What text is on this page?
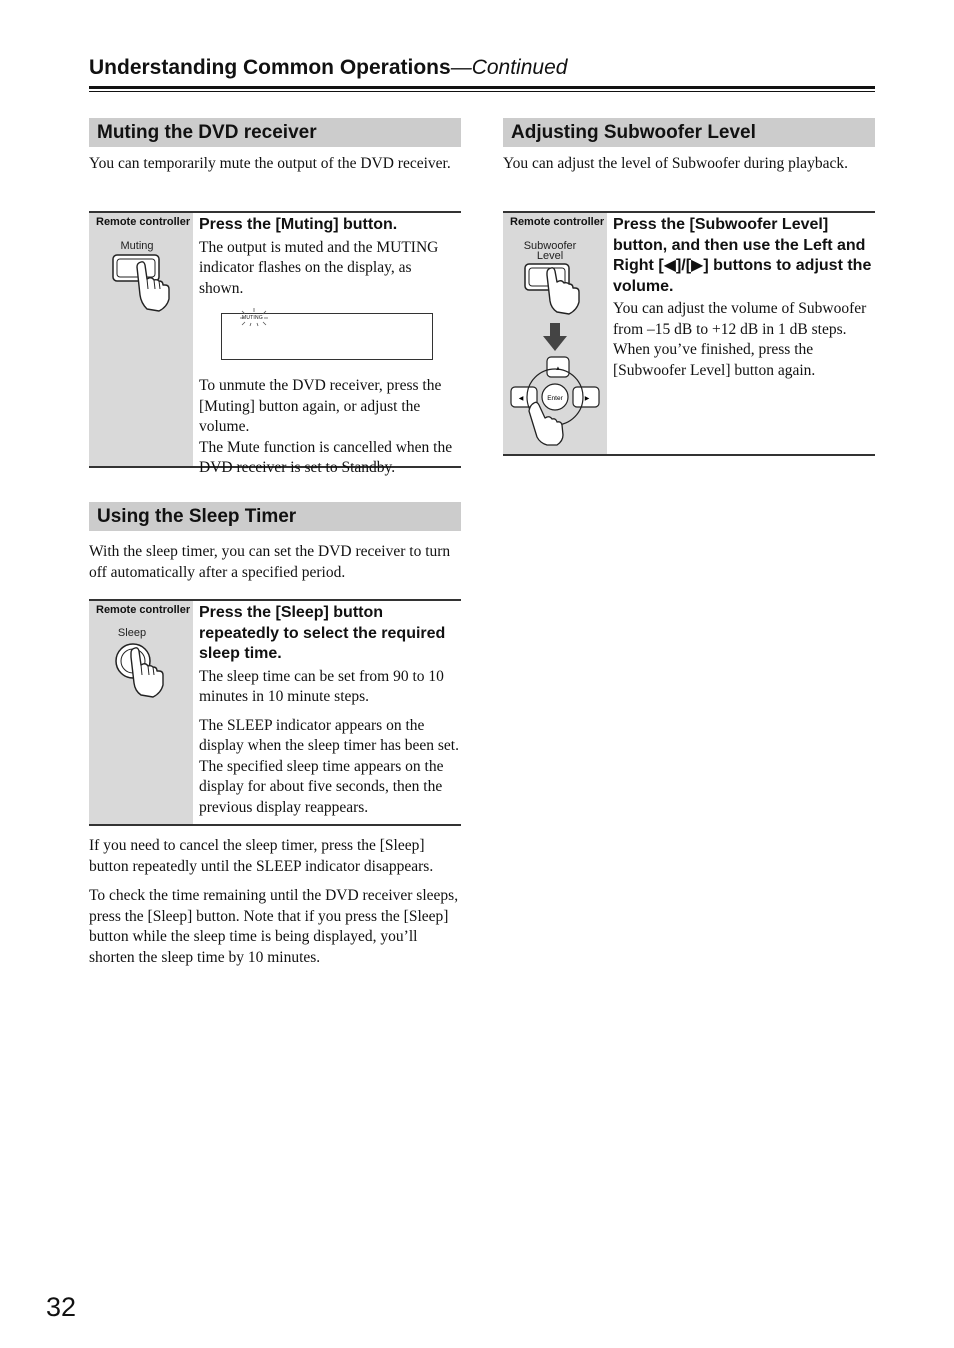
Understanding Common Operations—Continued
Muting the DVD receiver
You can temporarily mute the output of the DVD receiver.
Remote controller
Muting

Press the [Muting] button.

The output is muted and the MUTING indicator flashes on the display, as shown.

MUTING

To unmute the DVD receiver, press the [Muting] button again, or adjust the volume.

The Mute function is cancelled when the DVD receiver is set to Standby.

Using the Sleep Timer
With the sleep timer, you can set the DVD receiver to turn off automatically after a specified period.
Remote controller
Sleep

Press the [Sleep] button repeatedly to select the required sleep time.

The sleep time can be set from 90 to 10 minutes in 10 minute steps.

The SLEEP indicator appears on the display when the sleep timer has been set. The specified sleep time appears on the display for about five seconds, then the previous display reappears.

If you need to cancel the sleep timer, press the [Sleep] button repeatedly until the SLEEP indicator disappears.
To check the time remaining until the DVD receiver sleeps, press the [Sleep] button. Note that if you press the [Sleep] button while the sleep time is being displayed, you’ll shorten the sleep time by 10 minutes.
Adjusting Subwoofer Level
You can adjust the level of Subwoofer during playback.
Remote controller
Subwoofer
Level
▲
◀	▶
Enter

Press the [Subwoofer Level] button, and then use the Left and Right [◀]/[▶] buttons to adjust the volume.

You can adjust the volume of Subwoofer from –15 dB to +12 dB in 1 dB steps.

When you’ve finished, press the [Subwoofer Level] button again.

32
